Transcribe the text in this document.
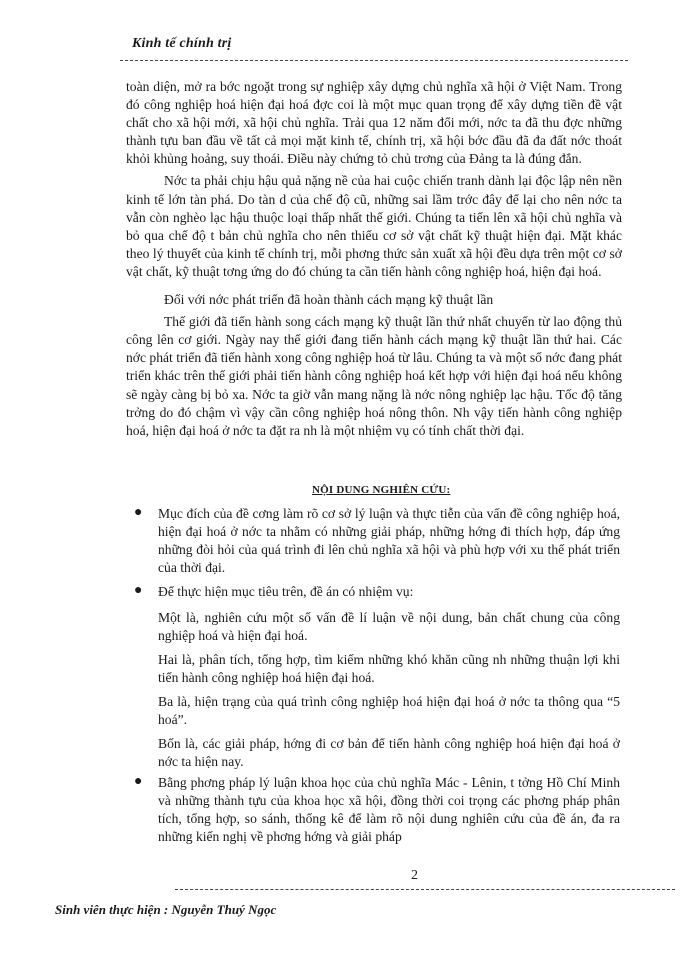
Kinh tế chính trị

toàn diện, mở ra bớc ngoặt trong sự nghiệp xây dựng chủ nghĩa xã hội ở Việt Nam. Trong đó công nghiệp hoá hiện đại hoá đợc coi là một mục quan trọng để xây dựng tiền đề vật chất cho xã hội mới, xã hội chủ nghĩa. Trải qua 12 năm đổi mới, nớc ta đã thu đợc những thành tựu ban đầu về tất cả mọi mặt kinh tế, chính trị, xã hội bớc đầu đã đa đất nớc thoát khỏi khủng hoảng, suy thoái. Điều này chứng tỏ chủ trơng của Đảng ta là đúng đắn.

Nớc ta phải chịu hậu quả nặng nề của hai cuộc chiến tranh dành lại độc lập nên nền kinh tế lớn tàn phá. Do tàn d của chế độ cũ, những sai lầm trớc đây để lại cho nên nớc ta vẫn còn nghèo lạc hậu thuộc loại thấp nhất thế giới. Chúng ta tiến lên xã hội chủ nghĩa và bỏ qua chế độ t bản chủ nghĩa cho nên thiếu cơ sở vật chất kỹ thuật hiện đại. Mặt khác theo lý thuyết của kinh tế chính trị, mỗi phơng thức sản xuất xã hội đều dựa trên một cơ sở vật chất, kỹ thuật tơng ứng do đó chúng ta cần tiến hành công nghiệp hoá, hiện đại hoá.

Đối với nớc phát triển đã hoàn thành cách mạng kỹ thuật lần

Thế giới đã tiến hành song cách mạng kỹ thuật lần thứ nhất chuyển từ lao động thủ công lên cơ giới. Ngày nay thế giới đang tiến hành cách mạng kỹ thuật lần thứ hai. Các nớc phát triển đã tiến hành xong công nghiệp hoá từ lâu. Chúng ta và một số nớc đang phát triển khác trên thế giới phải tiến hành công nghiệp hoá kết hợp với hiện đại hoá nếu không sẽ ngày càng bị bỏ xa. Nớc ta giờ vẫn mang nặng là nớc nông nghiệp lạc hậu. Tốc độ tăng trởng do đó chậm vì vậy cần công nghiệp hoá nông thôn. Nh vậy tiến hành công nghiệp hoá, hiện đại hoá ở nớc ta đặt ra nh là một nhiệm vụ có tính chất thời đại.

NỘI DUNG NGHIÊN CỨU:
● Mục đích của đề cơng làm rõ cơ sở lý luận và thực tiễn của vấn đề công nghiệp hoá, hiện đại hoá ở nớc ta nhằm có những giải pháp, những hớng đi thích hợp, đáp ứng những đòi hỏi của quá trình đi lên chủ nghĩa xã hội và phù hợp với xu thế phát triển của thời đại.
● Để thực hiện mục tiêu trên, đề án có nhiệm vụ:
Một là, nghiên cứu một số vấn đề lí luận về nội dung, bản chất chung của công nghiệp hoá và hiện đại hoá.
Hai là, phân tích, tổng hợp, tìm kiếm những khó khăn cũng nh những thuận lợi khi tiến hành công nghiệp hoá hiện đại hoá.
Ba là, hiện trạng của quá trình công nghiệp hoá hiện đại hoá ở nớc ta thông qua “5 hoá”.
Bốn là, các giải pháp, hớng đi cơ bản để tiến hành công nghiệp hoá hiện đại hoá ở nớc ta hiện nay.
● Bằng phơng pháp lý luận khoa học của chủ nghĩa Mác - Lênin, t tởng Hồ Chí Minh và những thành tựu của khoa học xã hội, đồng thời coi trọng các phơng pháp phân tích, tổng hợp, so sánh, thống kê để làm rõ nội dung nghiên cứu của đề án, đa ra những kiến nghị về phơng hớng và giải pháp
2
Sinh viên thực hiện : Nguyễn Thuý Ngọc
